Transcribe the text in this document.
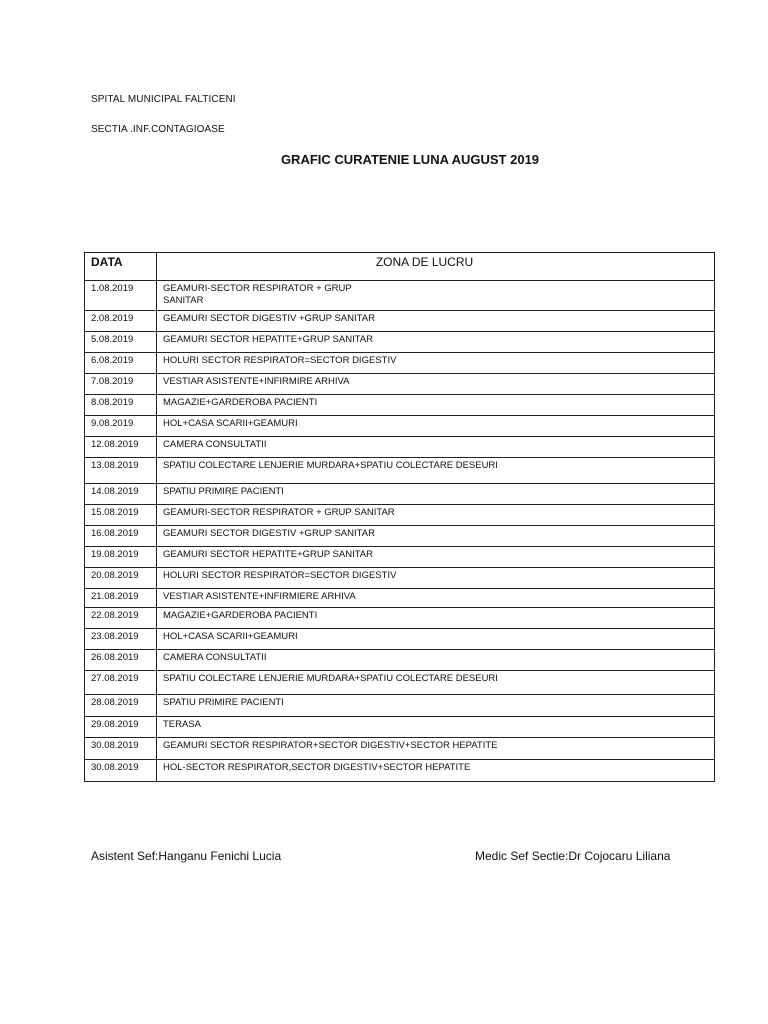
SPITAL MUNICIPAL FALTICENI
SECTIA .INF.CONTAGIOASE
GRAFIC CURATENIE LUNA AUGUST 2019
DATA	ZONA DE LUCRU
1.08.2019	GEAMURI-SECTOR RESPIRATOR + GRUP SANITAR
2.08.2019	GEAMURI SECTOR DIGESTIV +GRUP SANITAR
5.08.2019	GEAMURI SECTOR HEPATITE+GRUP SANITAR
6.08.2019	HOLURI SECTOR RESPIRATOR=SECTOR DIGESTIV
7.08.2019	VESTIAR ASISTENTE+INFIRMIRE ARHIVA
8.08.2019	MAGAZIE+GARDEROBA PACIENTI
9.08.2019	HOL+CASA SCARII+GEAMURI
12.08.2019	CAMERA CONSULTATII
13.08.2019	SPATIU COLECTARE LENJERIE MURDARA+SPATIU COLECTARE DESEURI
14.08.2019	SPATIU PRIMIRE PACIENTI
15.08.2019	GEAMURI-SECTOR RESPIRATOR + GRUP SANITAR
16.08.2019	GEAMURI SECTOR DIGESTIV +GRUP SANITAR
19.08.2019	GEAMURI SECTOR HEPATITE+GRUP SANITAR
20.08.2019	HOLURI SECTOR RESPIRATOR=SECTOR DIGESTIV
21.08.2019	VESTIAR ASISTENTE+INFIRMIERE ARHIVA
22.08.2019	MAGAZIE+GARDEROBA PACIENTI
23.08.2019	HOL+CASA SCARII+GEAMURI
26.08.2019	CAMERA CONSULTATII
27.08.2019	SPATIU COLECTARE LENJERIE MURDARA+SPATIU COLECTARE DESEURI
28.08.2019	SPATIU PRIMIRE PACIENTI
29.08.2019	TERASA
30.08.2019	GEAMURI SECTOR RESPIRATOR+SECTOR DIGESTIV+SECTOR HEPATITE
30.08.2019	HOL-SECTOR RESPIRATOR,SECTOR DIGESTIV+SECTOR HEPATITE
Asistent Sef:Hanganu Fenichi Lucia	Medic Sef Sectie:Dr Cojocaru Liliana
